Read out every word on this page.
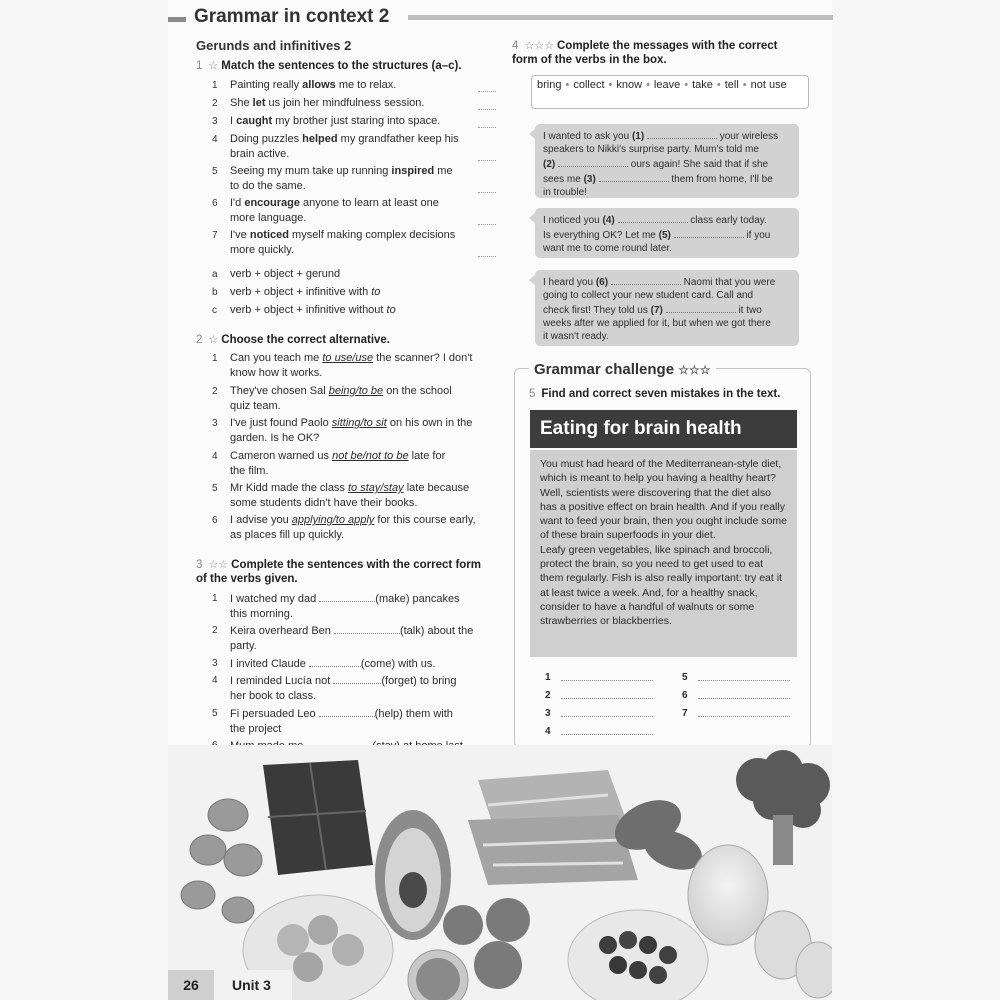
Grammar in context 2
Gerunds and infinitives 2
1 ☆ Match the sentences to the structures (a–c).
1	Painting really allows me to relax.
2	She let us join her mindfulness session.
3	I caught my brother just staring into space.
4	Doing puzzles helped my grandfather keep his
brain active.
5	Seeing my mum take up running inspired me
to do the same.
6	I'd encourage anyone to learn at least one
more language.
7	I've noticed myself making complex decisions
more quickly.
a	verb + object + gerund
b	verb + object + infinitive with to
c	verb + object + infinitive without to
2 ☆ Choose the correct alternative.
1	Can you teach me to use/use the scanner? I don't
know how it works.
2	They've chosen Sal being/to be on the school
quiz team.
3	I've just found Paolo sitting/to sit on his own in the
garden. Is he OK?
4	Cameron warned us not be/not to be late for
the film.
5	Mr Kidd made the class to stay/stay late because
some students didn't have their books.
6	I advise you applying/to apply for this course early,
as places fill up quickly.
3 ☆☆ Complete the sentences with the correct form
of the verbs given.
1	I watched my dad	(make) pancakes
this morning.
2	Keira overheard Ben	(talk) about the
party.
3	I invited Claude	(come) with us.
4	I reminded Lucía not	(forget) to bring
her book to class.
5	Fi persuaded Leo	(help) them with
the project

4 ☆☆☆ Complete the messages with the correct
form of the verbs in the box.
bring • collect • know • leave • take • tell • not use
I wanted to ask you (1)	your wireless
speakers to Nikki's surprise party. Mum's told me
(2)	ours again! She said that if she
sees me (3)	them from home, I'll be
in trouble!
I noticed you (4)	class early today.
Is everything OK? Let me (5)	if you
want me to come round later.
I heard you (6)	Naomi that you were
going to collect your new student card. Call and
check first! They told us (7)	it two
weeks after we applied for it, but when we got there
it wasn't ready.
Grammar challenge ☆☆☆
5 Find and correct seven mistakes in the text.
Eating for brain health

You must had heard of the Mediterranean-style diet, which is meant to help you having a healthy heart? Well, scientists were discovering that the diet also has a positive effect on brain health. And if you really want to feed your brain, then you ought include some of these brain superfoods in your diet.

Leafy green vegetables, like spinach and broccoli, protect the brain, so you need to get used to eat them regularly. Fish is also really important: try eat it at least twice a week. And, for a healthy snack, consider to have a handful of walnuts or some strawberries or blackberries.

1
2
3
4
5
6
7
26	Unit 3
